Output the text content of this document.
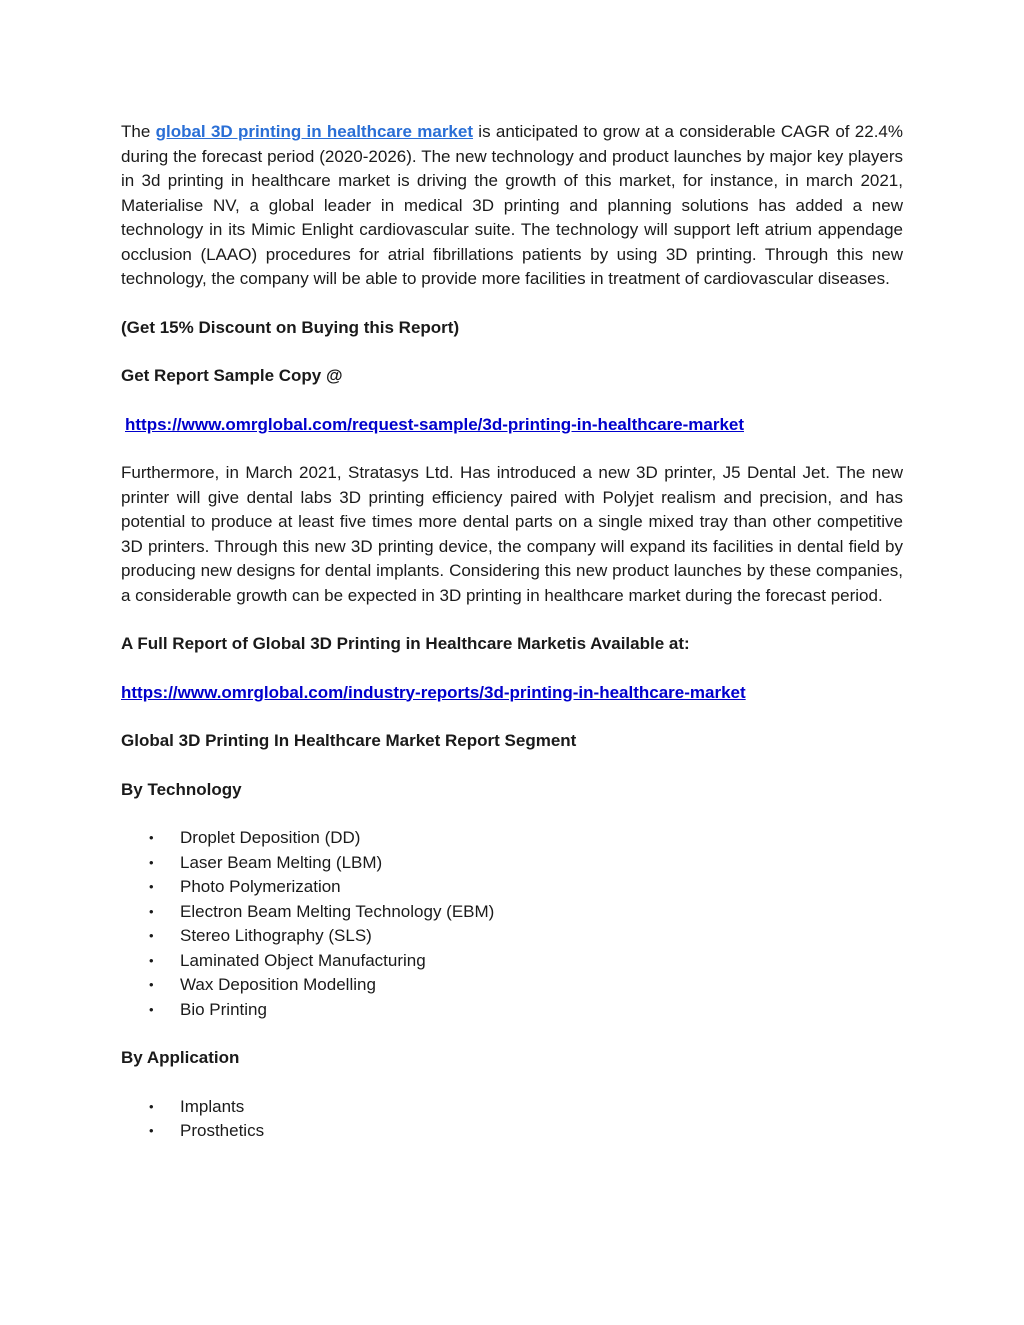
The global 3D printing in healthcare market is anticipated to grow at a considerable CAGR of 22.4% during the forecast period (2020-2026). The new technology and product launches by major key players in 3d printing in healthcare market is driving the growth of this market, for instance, in march 2021, Materialise NV, a global leader in medical 3D printing and planning solutions has added a new technology in its Mimic Enlight cardiovascular suite. The technology will support left atrium appendage occlusion (LAAO) procedures for atrial fibrillations patients by using 3D printing. Through this new technology, the company will be able to provide more facilities in treatment of cardiovascular diseases.

(Get 15% Discount on Buying this Report)

Get Report Sample Copy @

https://www.omrglobal.com/request-sample/3d-printing-in-healthcare-market

Furthermore, in March 2021, Stratasys Ltd. Has introduced a new 3D printer, J5 Dental Jet. The new printer will give dental labs 3D printing efficiency paired with Polyjet realism and precision, and has potential to produce at least five times more dental parts on a single mixed tray than other competitive 3D printers. Through this new 3D printing device, the company will expand its facilities in dental field by producing new designs for dental implants. Considering this new product launches by these companies, a considerable growth can be expected in 3D printing in healthcare market during the forecast period.

A Full Report of Global 3D Printing in Healthcare Marketis Available at:

https://www.omrglobal.com/industry-reports/3d-printing-in-healthcare-market

Global 3D Printing In Healthcare Market Report Segment

By Technology

• Droplet Deposition (DD)
• Laser Beam Melting (LBM)
• Photo Polymerization
• Electron Beam Melting Technology (EBM)
• Stereo Lithography (SLS)
• Laminated Object Manufacturing
• Wax Deposition Modelling
• Bio Printing

By Application

• Implants
• Prosthetics
